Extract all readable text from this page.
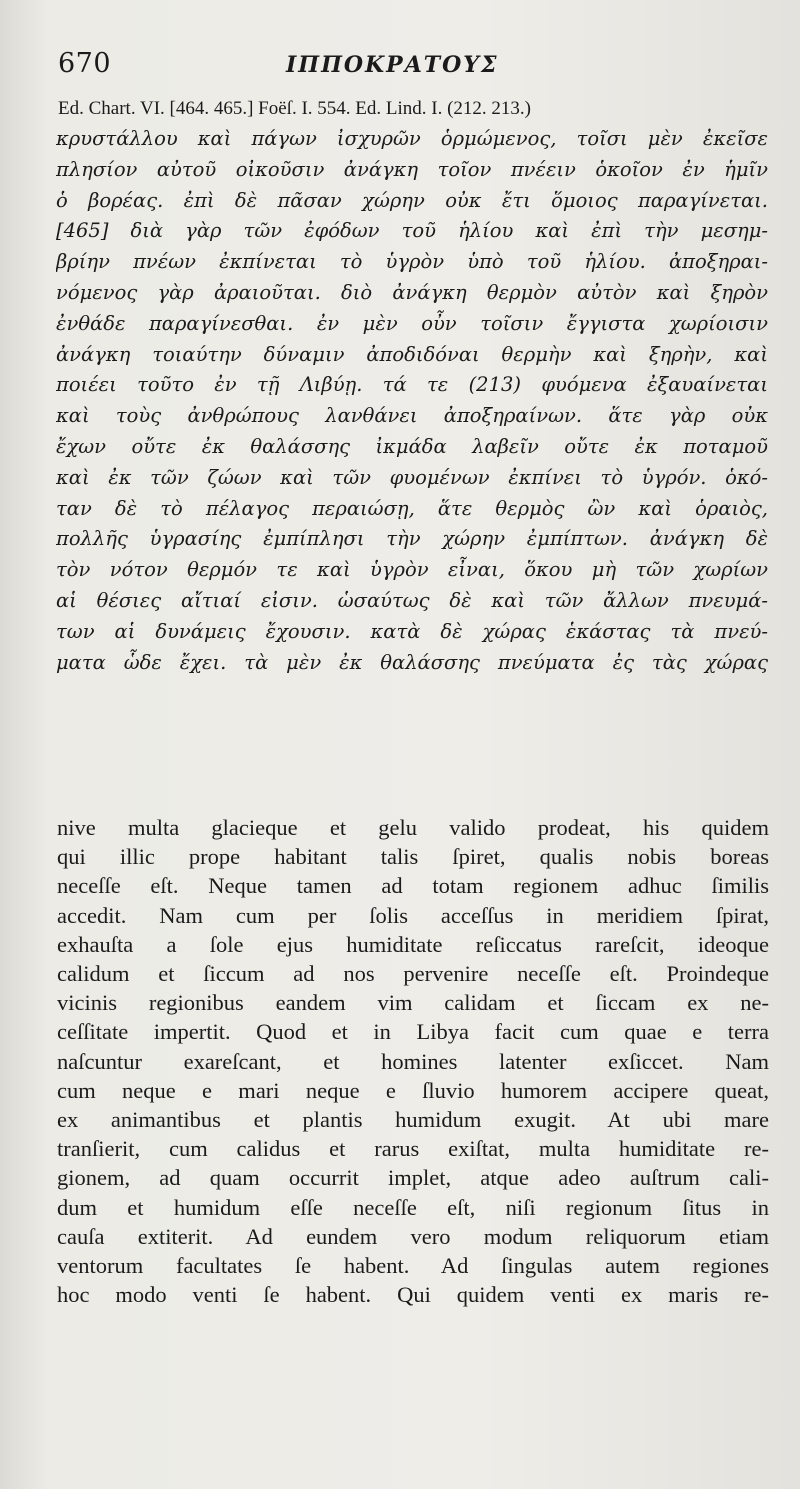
670	ΙΠΠΟΚΡΑΤΟΥΣ
Ed. Chart. VI. [464. 465.] Foëſ. I. 554. Ed. Lind. I. (212. 213.)
κρυστάλλου καὶ πάγων ἰσχυρῶν ὁρμώμενος, τοῖσι μὲν ἐκεῖσε
πλησίον αὐτοῦ οἰκοῦσιν ἀνάγκη τοῖον πνέειν ὁκοῖον ἐν ἡμῖν
ὁ βορέας. ἐπὶ δὲ πᾶσαν χώρην οὐκ ἔτι ὅμοιος παραγίνεται.
[465] διὰ γὰρ τῶν ἐφόδων τοῦ ἡλίου καὶ ἐπὶ τὴν μεσημ-
βρίην πνέων ἐκπίνεται τὸ ὑγρὸν ὑπὸ τοῦ ἡλίου. ἀποξηραι-
νόμενος γὰρ ἀραιοῦται. διὸ ἀνάγκη θερμὸν αὐτὸν καὶ ξηρὸν
ἐνθάδε παραγίνεσθαι. ἐν μὲν οὖν τοῖσιν ἔγγιστα χωρίοισιν
ἀνάγκη τοιαύτην δύναμιν ἀποδιδόναι θερμὴν καὶ ξηρὴν, καὶ
ποιέει τοῦτο ἐν τῇ Λιβύῃ. τά τε (213) φυόμενα ἐξαυαίνεται
καὶ τοὺς ἀνθρώπους λανθάνει ἀποξηραίνων. ἅτε γὰρ οὐκ
ἔχων οὔτε ἐκ θαλάσσης ἰκμάδα λαβεῖν οὔτε ἐκ ποταμοῦ
καὶ ἐκ τῶν ζώων καὶ τῶν φυομένων ἐκπίνει τὸ ὑγρόν. ὁκό-
ταν δὲ τὸ πέλαγος περαιώσῃ, ἅτε θερμὸς ὢν καὶ ὁραιὸς,
πολλῆς ὑγρασίης ἐμπίπλησι τὴν χώρην ἐμπίπτων. ἀνάγκη δὲ
τὸν νότον θερμόν τε καὶ ὑγρὸν εἶναι, ὅκου μὴ τῶν χωρίων
αἱ θέσιες αἴτιαί εἰσιν. ὡσαύτως δὲ καὶ τῶν ἄλλων πνευμά-
των αἱ δυνάμεις ἔχουσιν. κατὰ δὲ χώρας ἑκάστας τὰ πνεύ-
ματα ὧδε ἔχει. τὰ μὲν ἐκ θαλάσσης πνεύματα ἐς τὰς χώρας
nive multa glacieque et gelu valido prodeat, his quidem
qui illic prope habitant talis ſpiret, qualis nobis boreas
neceſſe eſt. Neque tamen ad totam regionem adhuc ſimilis
accedit. Nam cum per ſolis acceſſus in meridiem ſpirat,
exhauſta a ſole ejus humiditate reſiccatus rareſcit, ideoque
calidum et ſiccum ad nos pervenire neceſſe eſt. Proindeque
vicinis regionibus eandem vim calidam et ſiccam ex ne-
ceſſitate impertit. Quod et in Libya facit cum quae e terra
naſcuntur exareſcant, et homines latenter exſiccet. Nam
cum neque e mari neque e ſluvio humorem accipere queat,
ex animantibus et plantis humidum exugit. At ubi mare
tranſierit, cum calidus et rarus exiſtat, multa humiditate re-
gionem, ad quam occurrit implet, atque adeo auſtrum cali-
dum et humidum eſſe neceſſe eſt, niſi regionum ſitus in
cauſa extiterit. Ad eundem vero modum reliquorum etiam
ventorum facultates ſe habent. Ad ſingulas autem regiones
hoc modo venti ſe habent. Qui quidem venti ex maris re-
